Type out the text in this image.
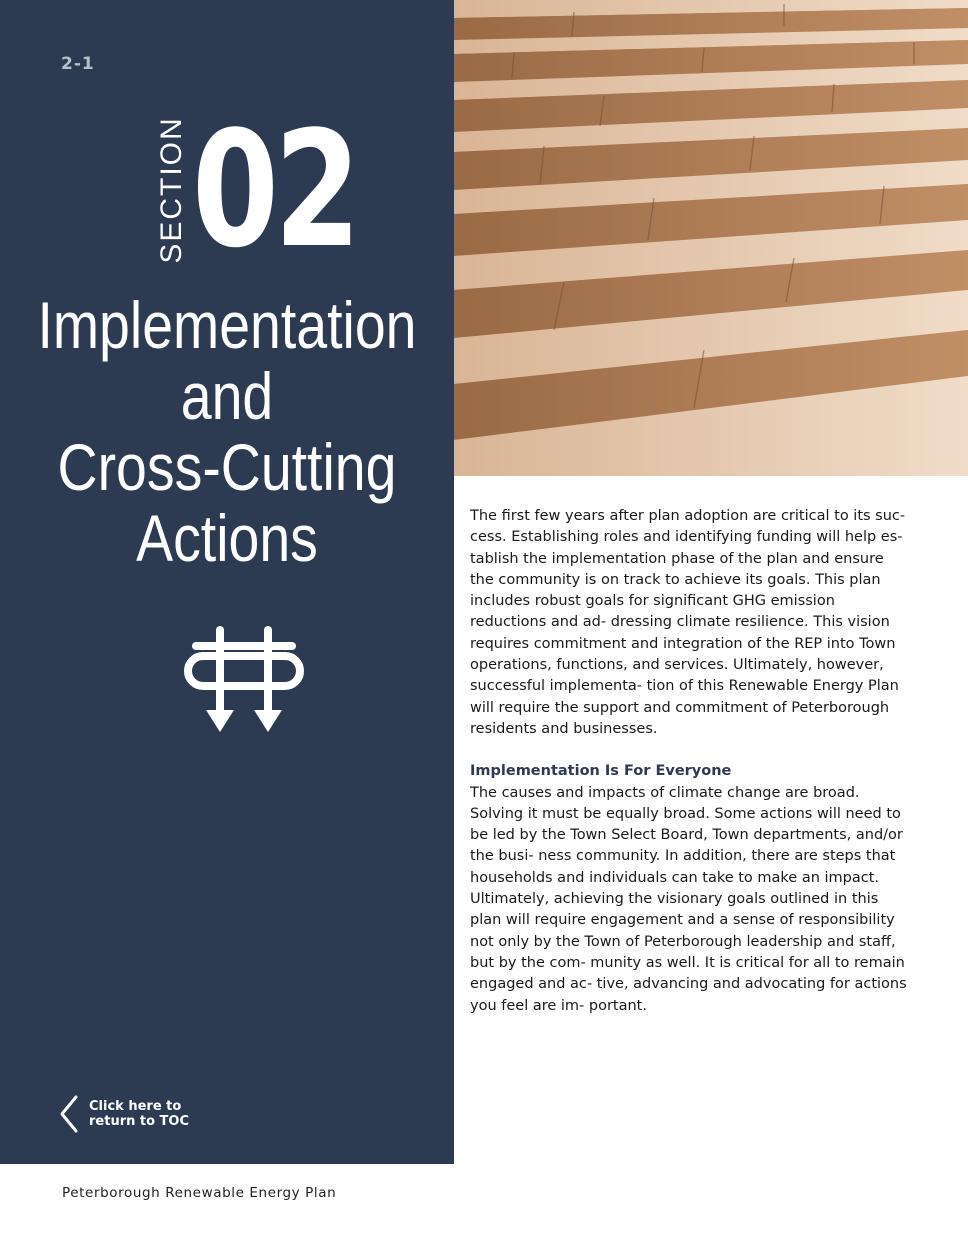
2-1
SECTION 02
Implementation
and
Cross-Cutting
Actions
Click here to
return to TOC

The first few years after plan adoption are critical to its suc- cess. Establishing roles and identifying funding will help es- tablish the implementation phase of the plan and ensure the community is on track to achieve its goals. This plan includes robust goals for significant GHG emission reductions and ad- dressing climate resilience. This vision requires commitment and integration of the REP into Town operations, functions, and services. Ultimately, however, successful implementa- tion of this Renewable Energy Plan will require the support and commitment of Peterborough residents and businesses.

Implementation Is For Everyone

The causes and impacts of climate change are broad. Solving it must be equally broad. Some actions will need to be led by the Town Select Board, Town departments, and/or the busi- ness community. In addition, there are steps that households and individuals can take to make an impact. Ultimately, achieving the visionary goals outlined in this plan will require engagement and a sense of responsibility not only by the Town of Peterborough leadership and staff, but by the com- munity as well. It is critical for all to remain engaged and ac- tive, advancing and advocating for actions you feel are im- portant.

Peterborough Renewable Energy Plan
